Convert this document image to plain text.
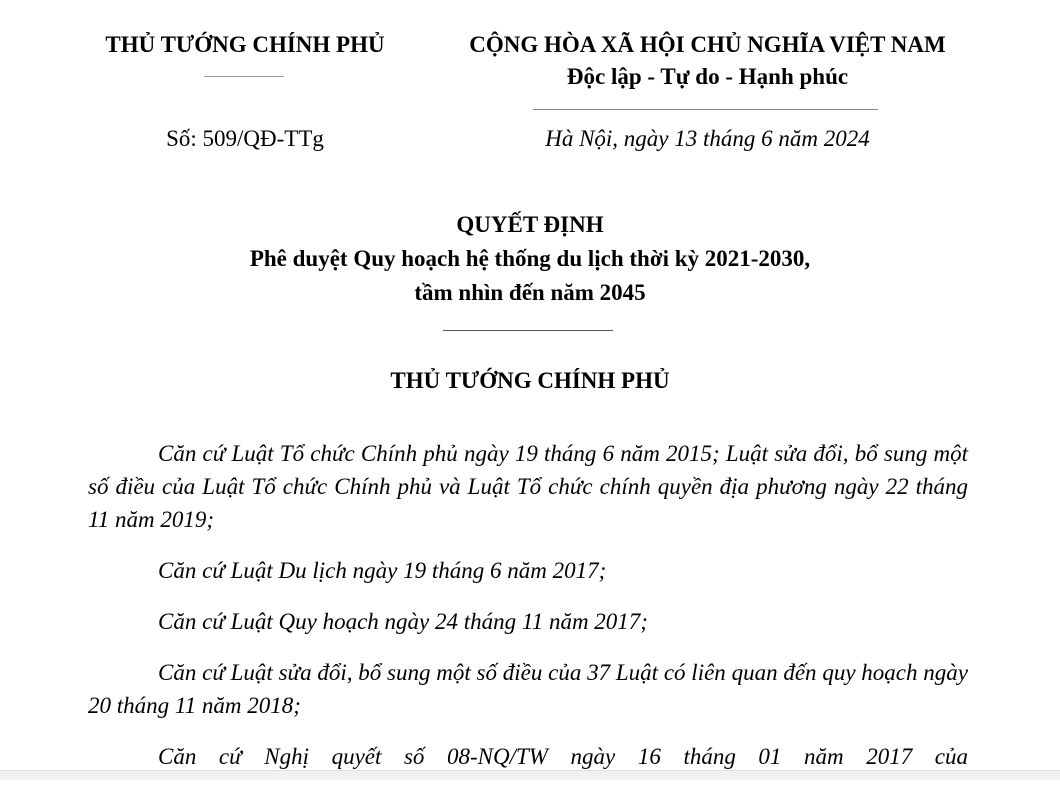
THỦ TƯỚNG CHÍNH PHỦ	CỘNG HÒA XÃ HỘI CHỦ NGHĨA VIỆT NAM
Độc lập - Tự do - Hạnh phúc
Số: 509/QĐ-TTg	Hà Nội, ngày 13 tháng 6 năm 2024
QUYẾT ĐỊNH
Phê duyệt Quy hoạch hệ thống du lịch thời kỳ 2021-2030,
tầm nhìn đến năm 2045
THỦ TƯỚNG CHÍNH PHỦ

Căn cứ Luật Tổ chức Chính phủ ngày 19 tháng 6 năm 2015; Luật sửa đổi, bổ sung một số điều của Luật Tổ chức Chính phủ và Luật Tổ chức chính quyền địa phương ngày 22 tháng 11 năm 2019;

Căn cứ Luật Du lịch ngày 19 tháng 6 năm 2017;

Căn cứ Luật Quy hoạch ngày 24 tháng 11 năm 2017;

Căn cứ Luật sửa đổi, bổ sung một số điều của 37 Luật có liên quan đến quy hoạch ngày 20 tháng 11 năm 2018;

Căn cứ Nghị quyết số 08-NQ/TW ngày 16 tháng 01 năm 2017 của
